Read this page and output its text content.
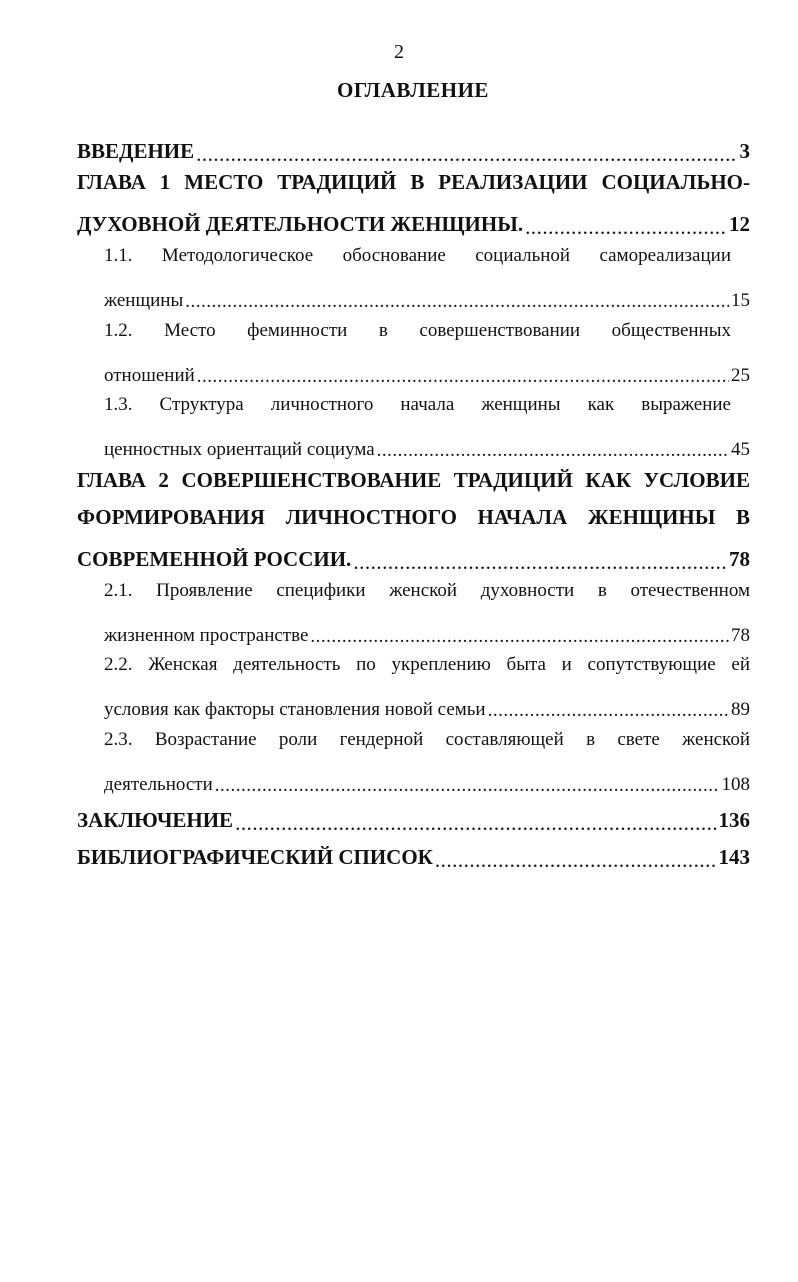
2
ОГЛАВЛЕНИЕ
ВВЕДЕНИЕ .....	3
ГЛАВА 1 МЕСТО ТРАДИЦИЙ В РЕАЛИЗАЦИИ СОЦИАЛЬНО-
ДУХОВНОЙ ДЕЯТЕЛЬНОСТИ ЖЕНЩИНЫ. .....	12
1.1. Методологическое обоснование социальной самореализации
женщины .....	15
1.2. Место феминности в совершенствовании общественных
отношений .....	25
1.3. Структура личностного начала женщины как выражение
ценностных ориентаций социума .....	45
ГЛАВА 2 СОВЕРШЕНСТВОВАНИЕ ТРАДИЦИЙ КАК УСЛОВИЕ
ФОРМИРОВАНИЯ ЛИЧНОСТНОГО НАЧАЛА ЖЕНЩИНЫ В
СОВРЕМЕННОЙ РОССИИ. .....	78
2.1. Проявление специфики женской духовности в отечественном
жизненном пространстве .....	78
2.2. Женская деятельность по укреплению быта и сопутствующие ей
условия как факторы становления новой семьи .....	89
2.3. Возрастание роли гендерной составляющей в свете женской
деятельности .....	108
ЗАКЛЮЧЕНИЕ .....	136
БИБЛИОГРАФИЧЕСКИЙ СПИСОК .....	143
